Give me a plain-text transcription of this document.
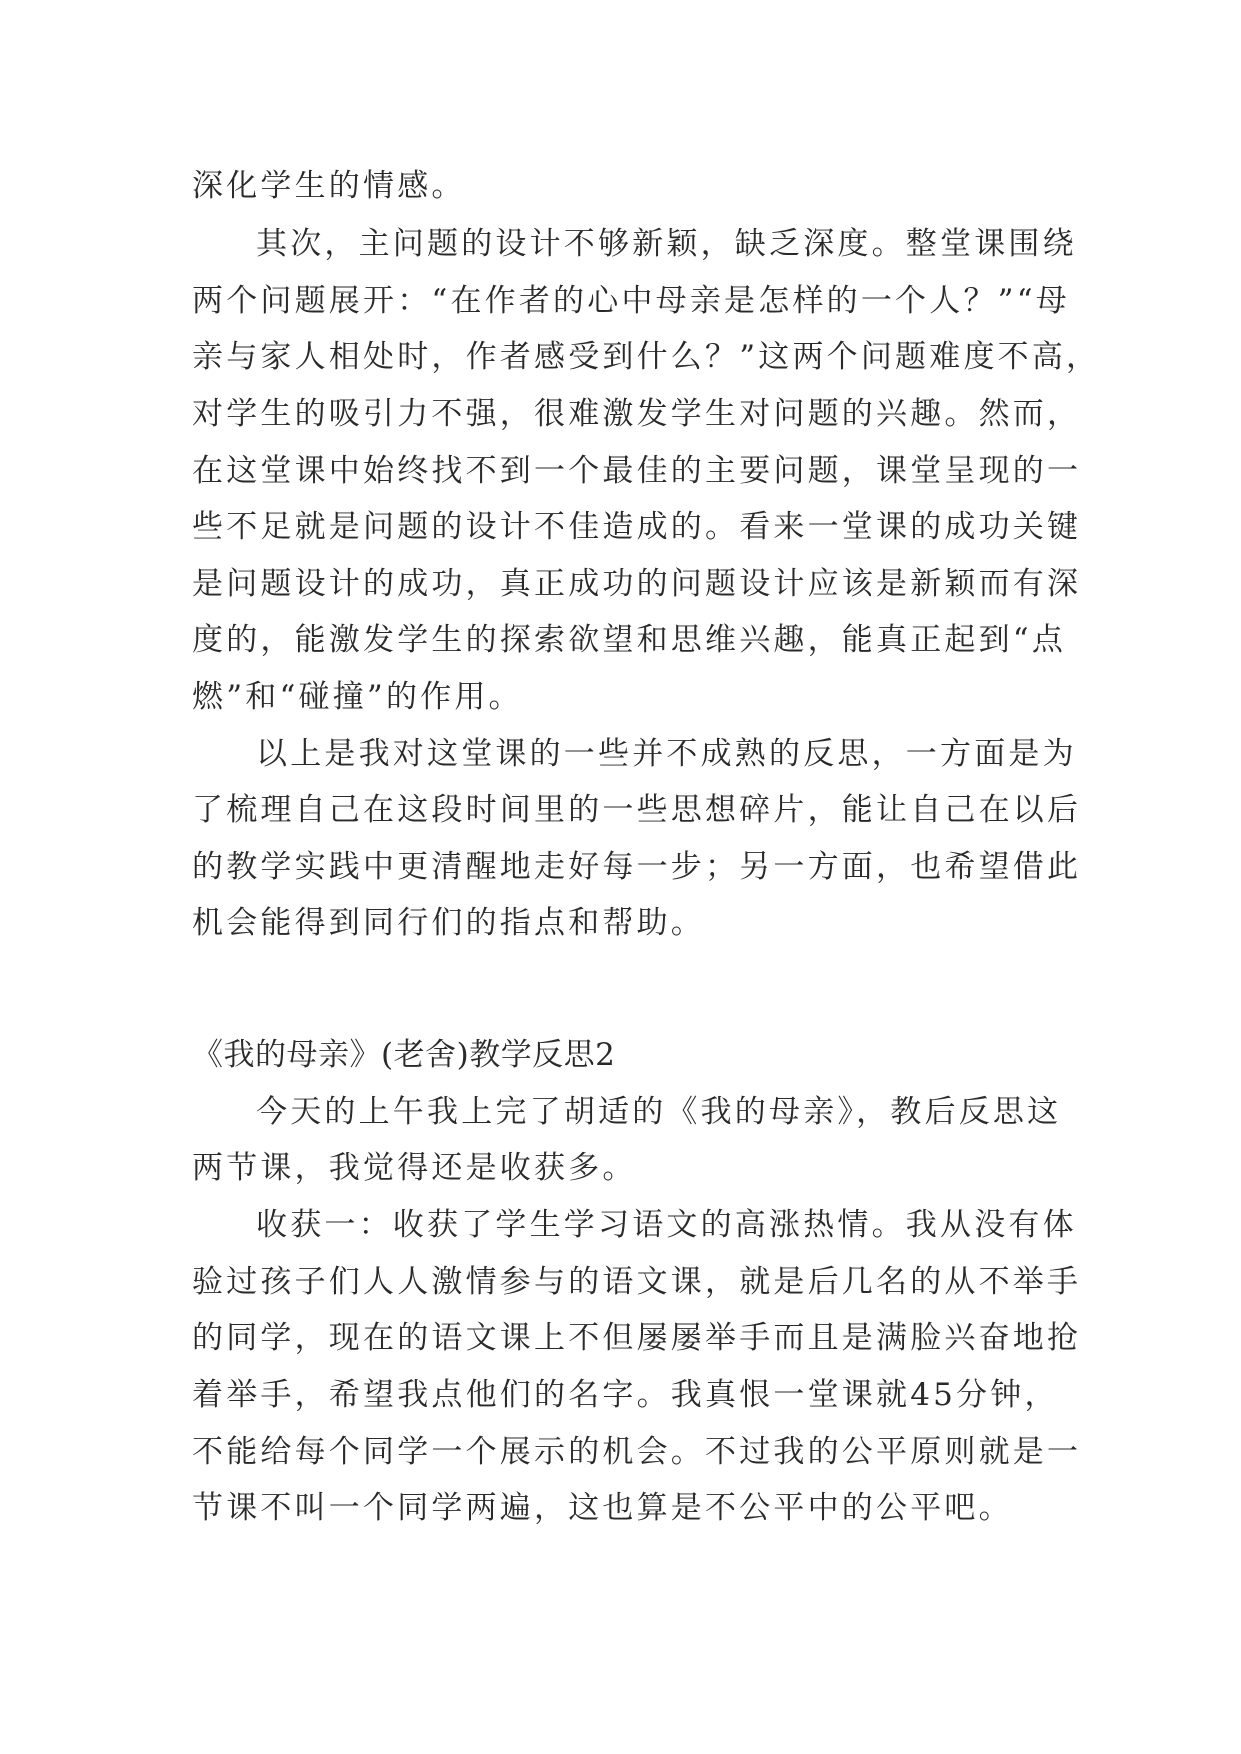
深化学生的情感。
其次，主问题的设计不够新颖，缺乏深度。整堂课围绕
两个问题展开：“在作者的心中母亲是怎样的一个人？”“母
亲与家人相处时，作者感受到什么？”这两个问题难度不高，
对学生的吸引力不强，很难激发学生对问题的兴趣。然而，
在这堂课中始终找不到一个最佳的主要问题，课堂呈现的一
些不足就是问题的设计不佳造成的。看来一堂课的成功关键
是问题设计的成功，真正成功的问题设计应该是新颖而有深
度的，能激发学生的探索欲望和思维兴趣，能真正起到“点
燃”和“碰撞”的作用。
以上是我对这堂课的一些并不成熟的反思，一方面是为
了梳理自己在这段时间里的一些思想碎片，能让自己在以后
的教学实践中更清醒地走好每一步；另一方面，也希望借此
机会能得到同行们的指点和帮助。
《我的母亲》(老舍)教学反思2
今天的上午我上完了胡适的《我的母亲》，教后反思这
两节课，我觉得还是收获多。
收获一：收获了学生学习语文的高涨热情。我从没有体
验过孩子们人人激情参与的语文课，就是后几名的从不举手
的同学，现在的语文课上不但屡屡举手而且是满脸兴奋地抢
着举手，希望我点他们的名字。我真恨一堂课就45分钟，
不能给每个同学一个展示的机会。不过我的公平原则就是一
节课不叫一个同学两遍，这也算是不公平中的公平吧。
